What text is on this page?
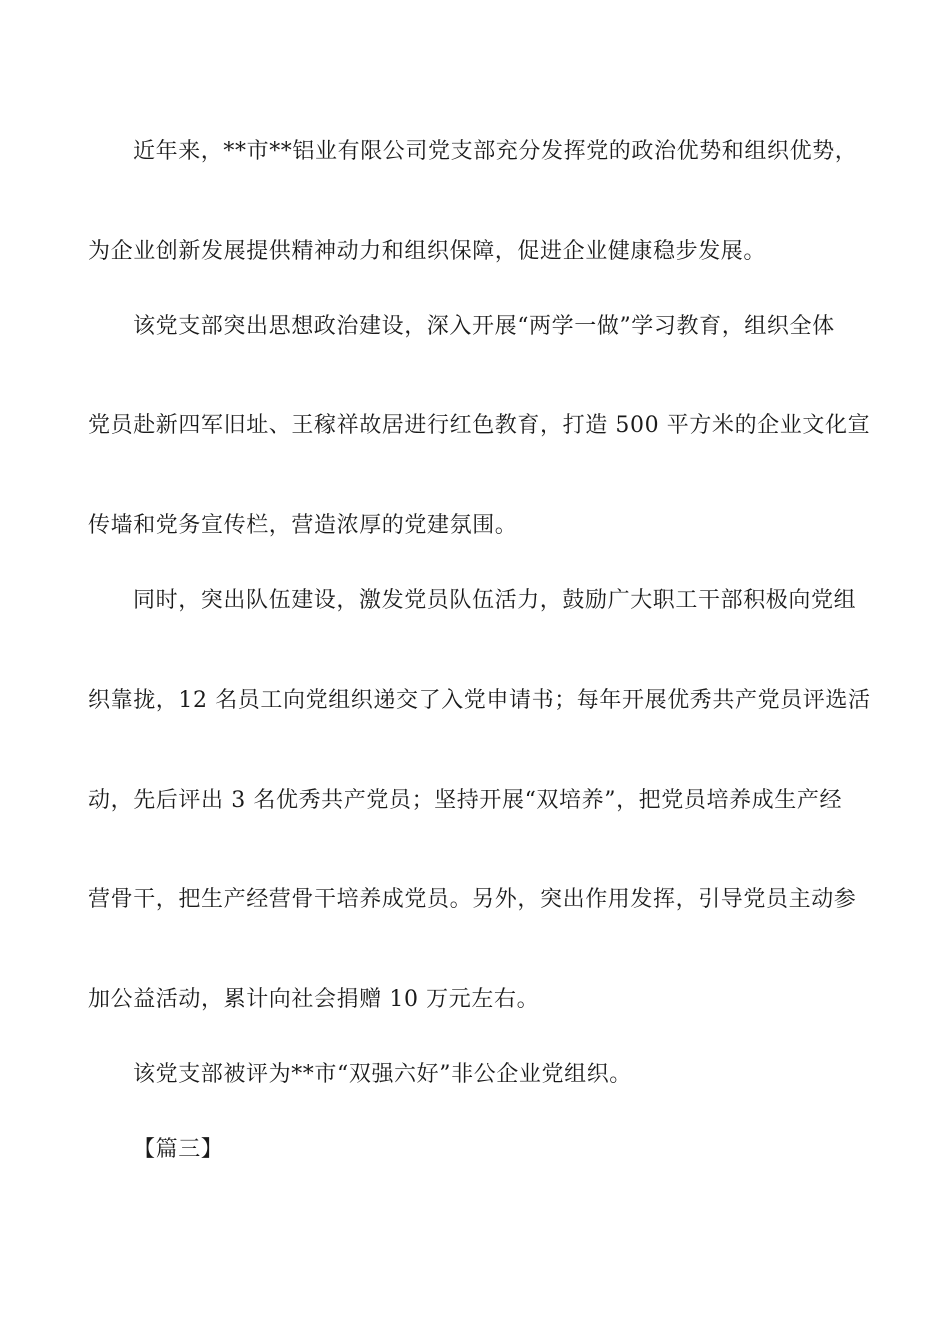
近年来，**市**铝业有限公司党支部充分发挥党的政治优势和组织优势，
为企业创新发展提供精神动力和组织保障，促进企业健康稳步发展。
该党支部突出思想政治建设，深入开展“两学一做”学习教育，组织全体
党员赴新四军旧址、王稼祥故居进行红色教育，打造 500 平方米的企业文化宣
传墙和党务宣传栏，营造浓厚的党建氛围。
同时，突出队伍建设，激发党员队伍活力，鼓励广大职工干部积极向党组
织靠拢，12 名员工向党组织递交了入党申请书；每年开展优秀共产党员评选活
动，先后评出 3 名优秀共产党员；坚持开展“双培养”，把党员培养成生产经
营骨干，把生产经营骨干培养成党员。另外，突出作用发挥，引导党员主动参
加公益活动，累计向社会捐赠 10 万元左右。
该党支部被评为**市“双强六好”非公企业党组织。
【篇三】
